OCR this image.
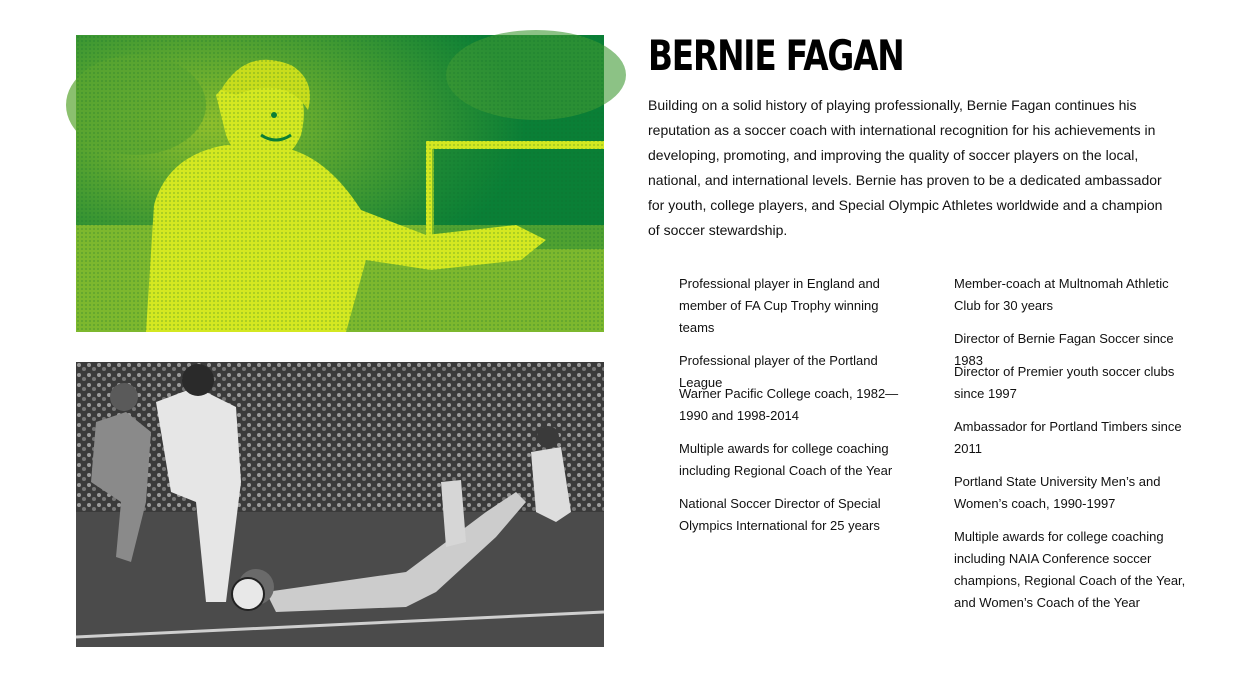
BERNIE FAGAN

Building on a solid history of playing professionally, Bernie Fagan continues his reputation as a soccer coach with international recognition for his achievements in developing, promoting, and improving the quality of soccer players on the local, national, and international levels. Bernie has proven to be a dedicated ambassador for youth, college players, and Special Olympic Athletes worldwide and a champion of soccer stewardship.

Professional player in England and member of FA Cup Trophy winning teams
Professional player of the Portland League
Warner Pacific College coach, 1982—1990 and 1998-2014
Multiple awards for college coaching including Regional Coach of the Year
National Soccer Director of Special Olympics International for 25 years
Member-coach at Multnomah Athletic Club for 30 years
Director of Bernie Fagan Soccer since 1983
Director of Premier youth soccer clubs since 1997
Ambassador for Portland Timbers since 2011
Portland State University Men’s and Women’s coach, 1990-1997
Multiple awards for college coaching including NAIA Conference soccer champions, Regional Coach of the Year, and Women’s Coach of the Year
